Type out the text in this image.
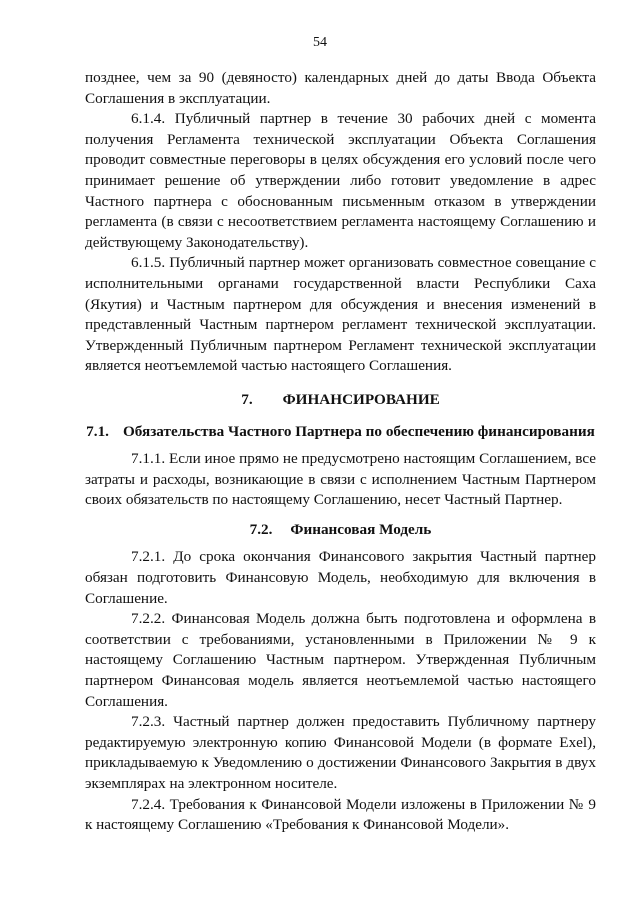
54

позднее, чем за 90 (девяносто) календарных дней до даты Ввода Объекта Соглашения в эксплуатации.

6.1.4. Публичный партнер в течение 30 рабочих дней с момента получения Регламента технической эксплуатации Объекта Соглашения проводит совместные переговоры в целях обсуждения его условий после чего принимает решение об утверждении либо готовит уведомление в адрес Частного партнера с обоснованным письменным отказом в утверждении регламента (в связи с несоответствием регламента настоящему Соглашению и действующему Законодательству).

6.1.5. Публичный партнер может организовать совместное совещание с исполнительными органами государственной власти Республики Саха (Якутия) и Частным партнером для обсуждения и внесения изменений в представленный Частным партнером регламент технической эксплуатации. Утвержденный Публичным партнером Регламент технической эксплуатации является неотъемлемой частью настоящего Соглашения.

7. ФИНАНСИРОВАНИЕ
7.1. Обязательства Частного Партнера по обеспечению финансирования

7.1.1. Если иное прямо не предусмотрено настоящим Соглашением, все затраты и расходы, возникающие в связи с исполнением Частным Партнером своих обязательств по настоящему Соглашению, несет Частный Партнер.

7.2. Финансовая Модель

7.2.1. До срока окончания Финансового закрытия Частный партнер обязан подготовить Финансовую Модель, необходимую для включения в Соглашение.

7.2.2. Финансовая Модель должна быть подготовлена и оформлена в соответствии с требованиями, установленными в Приложении № 9 к настоящему Соглашению Частным партнером. Утвержденная Публичным партнером Финансовая модель является неотъемлемой частью настоящего Соглашения.

7.2.3. Частный партнер должен предоставить Публичному партнеру редактируемую электронную копию Финансовой Модели (в формате Exel), прикладываемую к Уведомлению о достижении Финансового Закрытия в двух экземплярах на электронном носителе.

7.2.4. Требования к Финансовой Модели изложены в Приложении № 9 к настоящему Соглашению «Требования к Финансовой Модели».
